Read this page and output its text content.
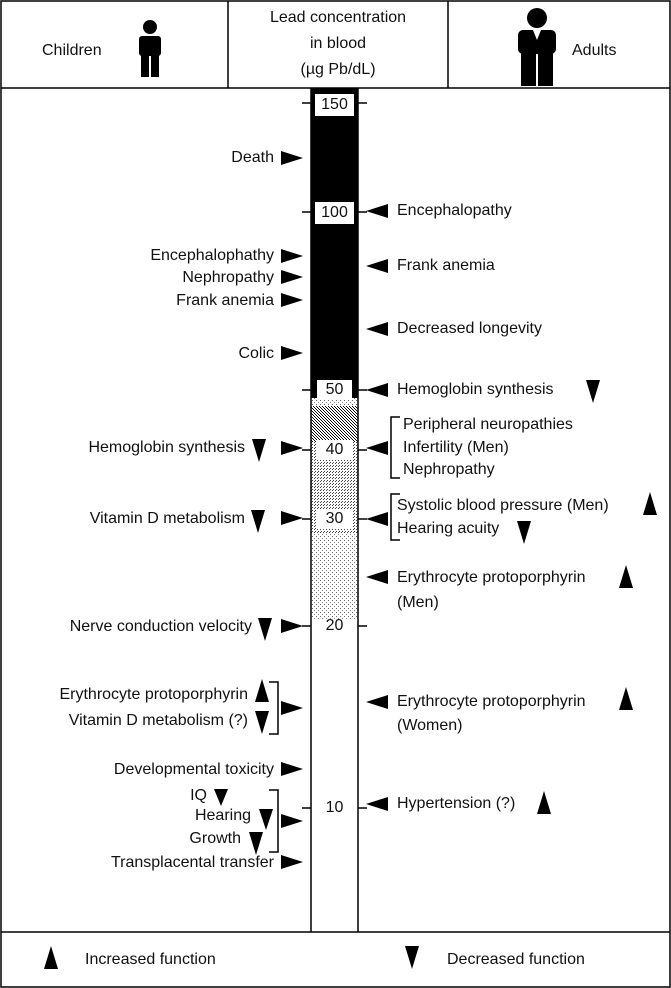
Children
Lead concentration
in blood
(µg Pb/dL)
Adults
150
100
50
40
30
20
10
Death
Encephalophathy
Nephropathy
Frank anemia
Colic
Hemoglobin synthesis
Vitamin D metabolism
Nerve conduction velocity
Erythrocyte protoporphyrin
Vitamin D metabolism (?)
Developmental toxicity
IQ
Hearing
Growth
Transplacental transfer
Encephalopathy
Frank anemia
Decreased longevity
Hemoglobin synthesis
Peripheral neuropathies
Infertility (Men)
Nephropathy
Systolic blood pressure (Men)
Hearing acuity
Erythrocyte protoporphyrin
(Men)
Erythrocyte protoporphyrin
(Women)
Hypertension (?)
Increased function	Decreased function
